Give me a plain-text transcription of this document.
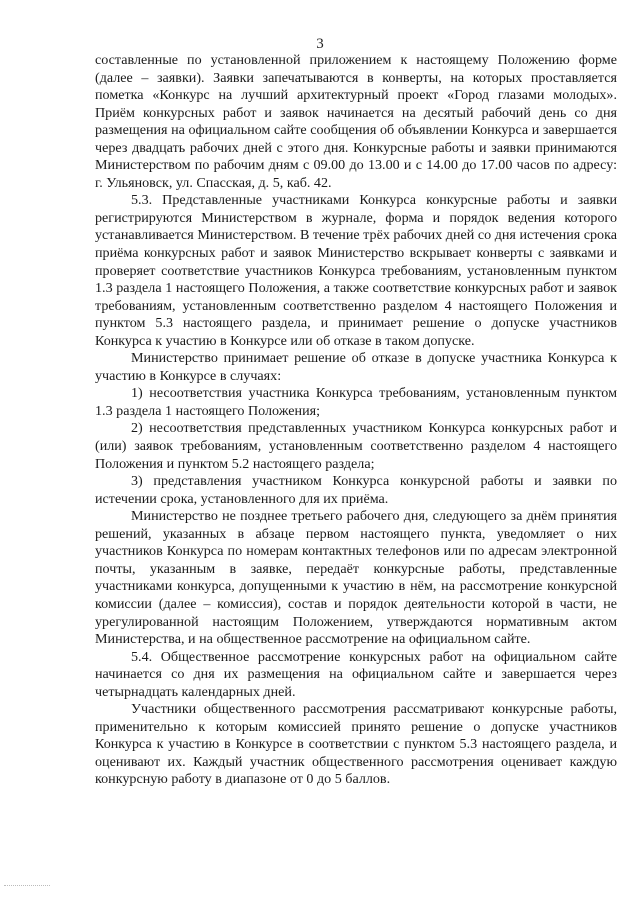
3

составленные по установленной приложением к настоящему Положению форме (далее – заявки). Заявки запечатываются в конверты, на которых проставляется пометка «Конкурс на лучший архитектурный проект «Город глазами молодых». Приём конкурсных работ и заявок начинается на десятый рабочий день со дня размещения на официальном сайте сообщения об объявлении Конкурса и завершается через двадцать рабочих дней с этого дня. Конкурсные работы и заявки принимаются Министерством по рабочим дням с 09.00 до 13.00 и с 14.00 до 17.00 часов по адресу: г. Ульяновск, ул. Спасская, д. 5, каб. 42.

5.3. Представленные участниками Конкурса конкурсные работы и заявки регистрируются Министерством в журнале, форма и порядок ведения которого устанавливается Министерством. В течение трёх рабочих дней со дня истечения срока приёма конкурсных работ и заявок Министерство вскрывает конверты с заявками и проверяет соответствие участников Конкурса требованиям, установленным пунктом 1.3 раздела 1 настоящего Положения, а также соответствие конкурсных работ и заявок требованиям, установленным соответственно разделом 4 настоящего Положения и пунктом 5.3 настоящего раздела, и принимает решение о допуске участников Конкурса к участию в Конкурсе или об отказе в таком допуске.

Министерство принимает решение об отказе в допуске участника Конкурса к участию в Конкурсе в случаях:

1) несоответствия участника Конкурса требованиям, установленным пунктом 1.3 раздела 1 настоящего Положения;

2) несоответствия представленных участником Конкурса конкурсных работ и (или) заявок требованиям, установленным соответственно разделом 4 настоящего Положения и пунктом 5.2 настоящего раздела;

3) представления участником Конкурса конкурсной работы и заявки по истечении срока, установленного для их приёма.

Министерство не позднее третьего рабочего дня, следующего за днём принятия решений, указанных в абзаце первом настоящего пункта, уведомляет о них участников Конкурса по номерам контактных телефонов или по адресам электронной почты, указанным в заявке, передаёт конкурсные работы, представленные участниками конкурса, допущенными к участию в нём, на рассмотрение конкурсной комиссии (далее – комиссия), состав и порядок деятельности которой в части, не урегулированной настоящим Положением, утверждаются нормативным актом Министерства, и на общественное рассмотрение на официальном сайте.

5.4. Общественное рассмотрение конкурсных работ на официальном сайте начинается со дня их размещения на официальном сайте и завершается через четырнадцать календарных дней.

Участники общественного рассмотрения рассматривают конкурсные работы, применительно к которым комиссией принято решение о допуске участников Конкурса к участию в Конкурсе в соответствии с пунктом 5.3 настоящего раздела, и оценивают их. Каждый участник общественного рассмотрения оценивает каждую конкурсную работу в диапазоне от 0 до 5 баллов.
